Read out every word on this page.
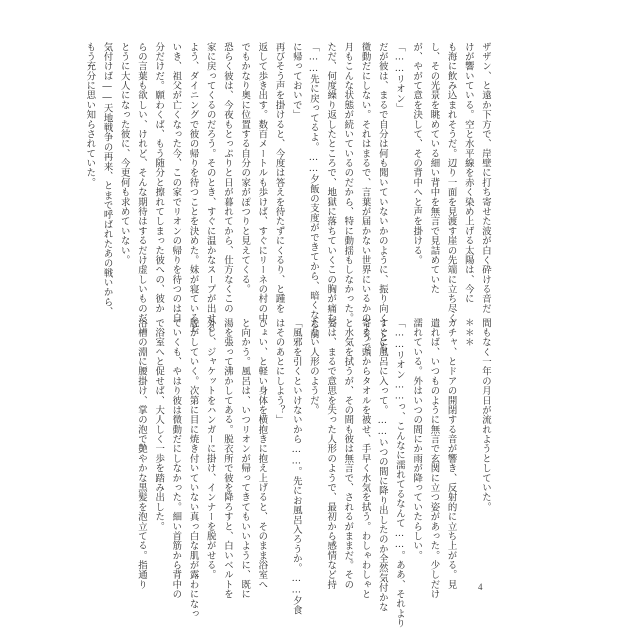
ザザン、と遠か下方で、岸壁に打ち寄せた波が白く砕ける音だ
けが響いている。空と水平線を赤く染め上げる太陽は、今に
も海に飲み込まれそうだ。辺り一面を見渡す崖の先端に立ち尽く
し、その光景を眺めている細い背中を無言で見詰めていた
が、やがて意を決して、その背中へと声を掛ける。
「……リオン」
だが彼は、まるで自分は何も聞いていないかのように、振り向くことも
微動だにしない。それはまるで、言葉が届かない世界にいるかのようで、
月もこんな状態が続いているのだから、特に動揺もしなかった。
ただ、何度繰り返したところで、地獄に落ちていくこの胸が痛む。
「……先に戻ってるよ。……夕飯の支度ができてから、暗くなる前
に帰っておいで」
再びそう声を掛けると、今度は答えを待たずにくるり、と踵を
返して歩き出す。数百メートルも歩けば、すぐにリーネの村の中
でもかなり奥に位置する自分の家がぽつりと見えてくる。
恐らく彼は、今夜もとっぷりと日が暮れてから、仕方なくこの
家に戻ってくるのだろう。そのとき、すぐに温かなスープが出せる
よう、ダイニングで彼の帰りを待つことを決めた。妹が寝ていると
いき、祖父が亡くなった今、この家でリオンの帰りを待つのは自
分だけだ。願わくば、もう随分と擦れてしまった彼への、彼か
らの言葉も欲しい、けれど、そんな期待はするだけ虚しいものだ
とうに大人になった彼に、今更何も求めていない。
気付けば――天地戦争の再来、とまで呼ばれたあの戦いから、
もう充分に思い知らされていた。
間もなく一年の月日が流れようとしていた。
＊＊＊
ガチャ、とドアの開閉する音が響き、反射的に立ち上がる。見
遣れば、いつものように無言で玄関に立つ姿があった。少しだけ
濡れている。外はいつの間にか雨が降っていたらしい。
「……リオン……っ、こんなに濡れてるなんて……。ああ、それより
すぐに風呂に入って。……いつの間に降り出したのか全然気付かな
寄る。頭からタオルを被せ、手早く水気を拭う。わしゃわしゃと
と水気を拭うが、その間も彼は無言で、されるがままだ。その
姿は、まるで意思を失った人形のようで、最初から感情など持
たない人形のようだ。
「風邪を引くといけないから……。先にお風呂入ろうか。……夕食
はそのあとにしよう？」
ひょい、と軽い身体を横抱きに抱え上げると、そのまま浴室へ
と向かう。風呂は、いつリオンが帰ってきてもいいように、既に
湯を張って沸かしてある。脱衣所で彼を降ろすと、白いベルトを
外し、ジャケットをハンガーに掛け、インナーを脱がせる。
脱がしていく。次第に目に焼き付いていない真っ白な肌が露わになっ
ていくも、やはり彼は微動だにしなかった。細い首筋から背中の
で浴室へと促せば、大人しく一歩を踏み出した。
浴槽の淵に腰掛け、掌の泡で艶やかな黒髪を泡立てる。指通り	4
